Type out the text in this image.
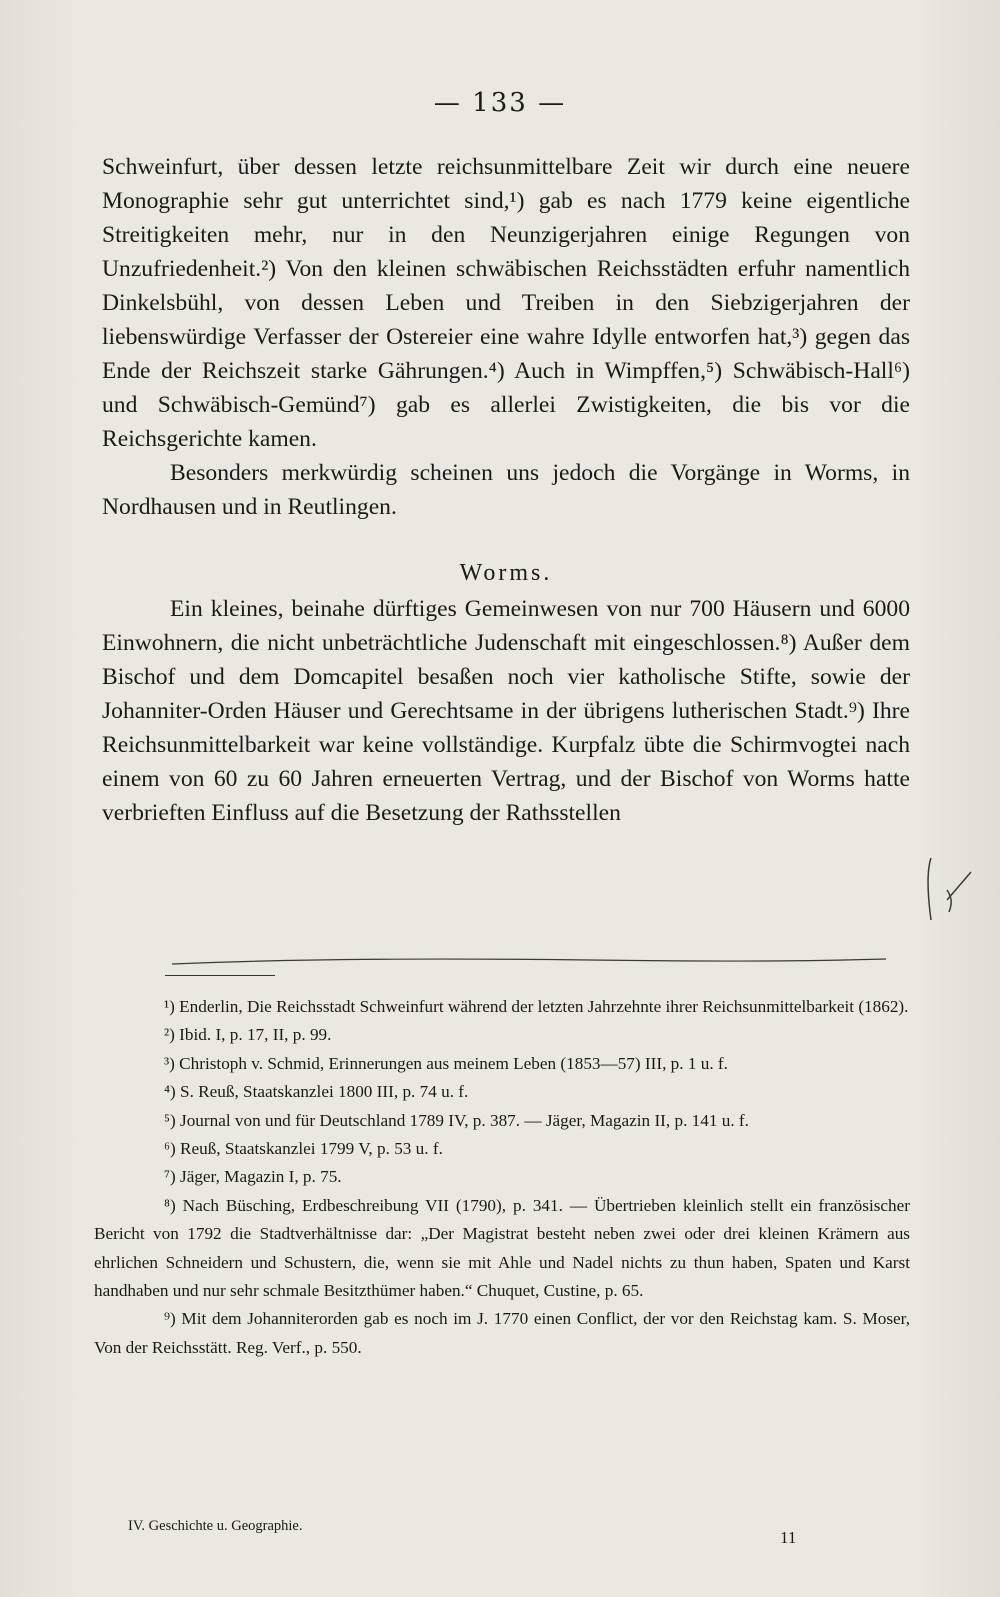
— 133 —

Schweinfurt, über dessen letzte reichsunmittelbare Zeit wir durch eine neuere Monographie sehr gut unterrichtet sind,¹) gab es nach 1779 keine eigentliche Streitigkeiten mehr, nur in den Neunzigerjahren einige Regungen von Unzufriedenheit.²) Von den kleinen schwäbischen Reichsstädten erfuhr namentlich Dinkelsbühl, von dessen Leben und Treiben in den Siebzigerjahren der liebenswürdige Verfasser der Ostereier eine wahre Idylle entworfen hat,³) gegen das Ende der Reichszeit starke Gährungen.⁴) Auch in Wimpffen,⁵) Schwäbisch-Hall⁶) und Schwäbisch-Gemünd⁷) gab es allerlei Zwistigkeiten, die bis vor die Reichsgerichte kamen.

Besonders merkwürdig scheinen uns jedoch die Vorgänge in Worms, in Nordhausen und in Reutlingen.

Worms.

Ein kleines, beinahe dürftiges Gemeinwesen von nur 700 Häusern und 6000 Einwohnern, die nicht unbeträchtliche Judenschaft mit eingeschlossen.⁸) Außer dem Bischof und dem Domcapitel besaßen noch vier katholische Stifte, sowie der Johanniter-Orden Häuser und Gerechtsame in der übrigens lutherischen Stadt.⁹) Ihre Reichsunmittelbarkeit war keine vollständige. Kurpfalz übte die Schirmvogtei nach einem von 60 zu 60 Jahren erneuerten Vertrag, und der Bischof von Worms hatte verbrieften Einfluss auf die Besetzung der Rathsstellen

¹) Enderlin, Die Reichsstadt Schweinfurt während der letzten Jahrzehnte ihrer Reichsunmittelbarkeit (1862).

²) Ibid. I, p. 17, II, p. 99.

³) Christoph v. Schmid, Erinnerungen aus meinem Leben (1853—57) III, p. 1 u. f.

⁴) S. Reuß, Staatskanzlei 1800 III, p. 74 u. f.

⁵) Journal von und für Deutschland 1789 IV, p. 387. — Jäger, Magazin II, p. 141 u. f.

⁶) Reuß, Staatskanzlei 1799 V, p. 53 u. f.

⁷) Jäger, Magazin I, p. 75.

⁸) Nach Büsching, Erdbeschreibung VII (1790), p. 341. — Übertrieben kleinlich stellt ein französischer Bericht von 1792 die Stadtverhältnisse dar: „Der Magistrat besteht neben zwei oder drei kleinen Krämern aus ehrlichen Schneidern und Schustern, die, wenn sie mit Ahle und Nadel nichts zu thun haben, Spaten und Karst handhaben und nur sehr schmale Besitzthümer haben.“ Chuquet, Custine, p. 65.

⁹) Mit dem Johanniterorden gab es noch im J. 1770 einen Conflict, der vor den Reichstag kam. S. Moser, Von der Reichsstätt. Reg. Verf., p. 550.

IV. Geschichte u. Geographie.
11
